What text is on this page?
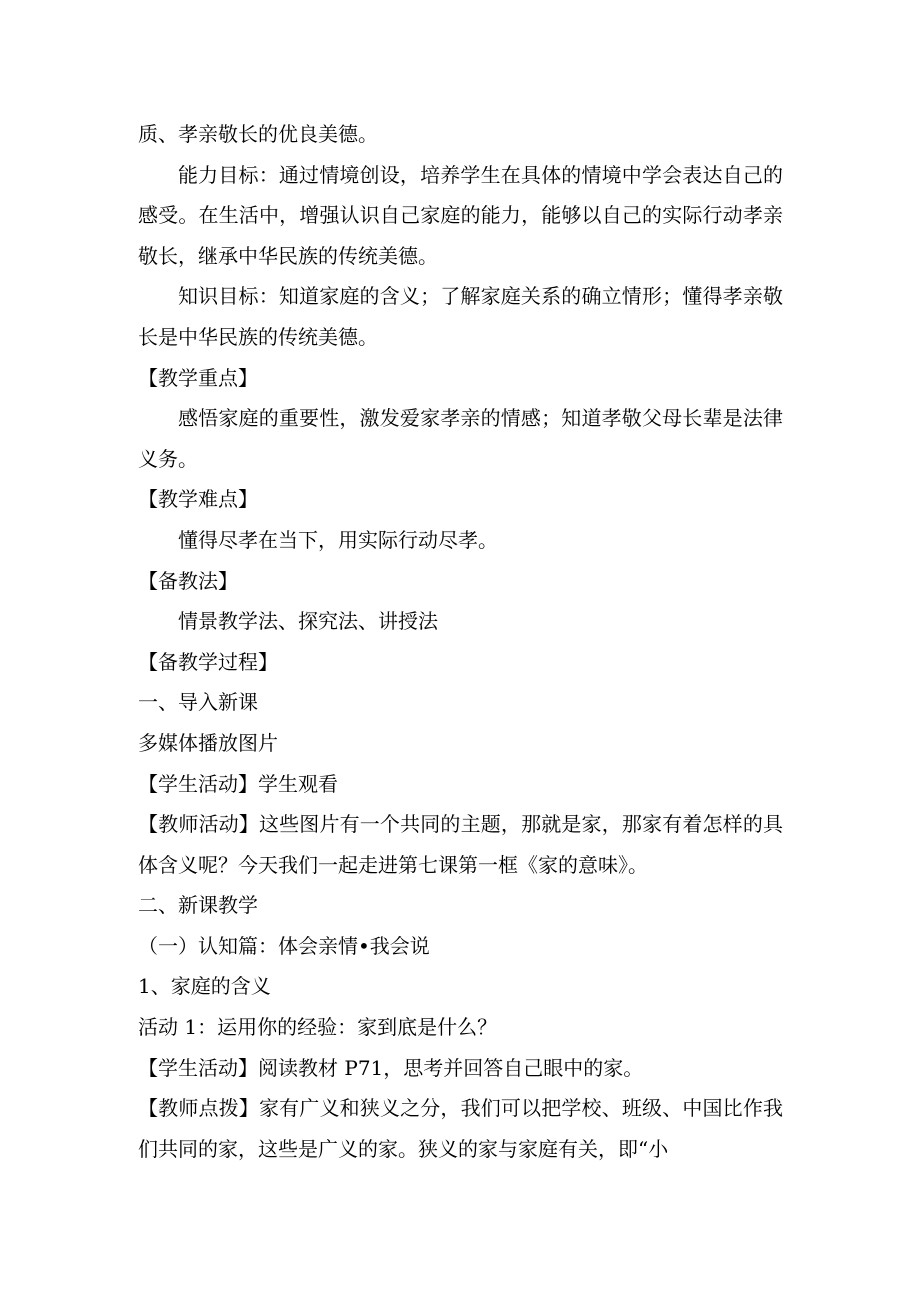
质、孝亲敬长的优良美德。

能力目标：通过情境创设，培养学生在具体的情境中学会表达自己的感受。在生活中，增强认识自己家庭的能力，能够以自己的实际行动孝亲敬长，继承中华民族的传统美德。

知识目标：知道家庭的含义；了解家庭关系的确立情形；懂得孝亲敬长是中华民族的传统美德。

【教学重点】

感悟家庭的重要性，激发爱家孝亲的情感；知道孝敬父母长辈是法律义务。

【教学难点】

懂得尽孝在当下，用实际行动尽孝。

【备教法】

情景教学法、探究法、讲授法

【备教学过程】

一、导入新课

多媒体播放图片

【学生活动】学生观看

【教师活动】这些图片有一个共同的主题，那就是家，那家有着怎样的具体含义呢？今天我们一起走进第七课第一框《家的意味》。

二、新课教学

（一）认知篇：体会亲情•我会说

1、家庭的含义

活动 1：运用你的经验：家到底是什么？

【学生活动】阅读教材 P71，思考并回答自己眼中的家。

【教师点拨】家有广义和狭义之分，我们可以把学校、班级、中国比作我们共同的家，这些是广义的家。狭义的家与家庭有关，即“小
